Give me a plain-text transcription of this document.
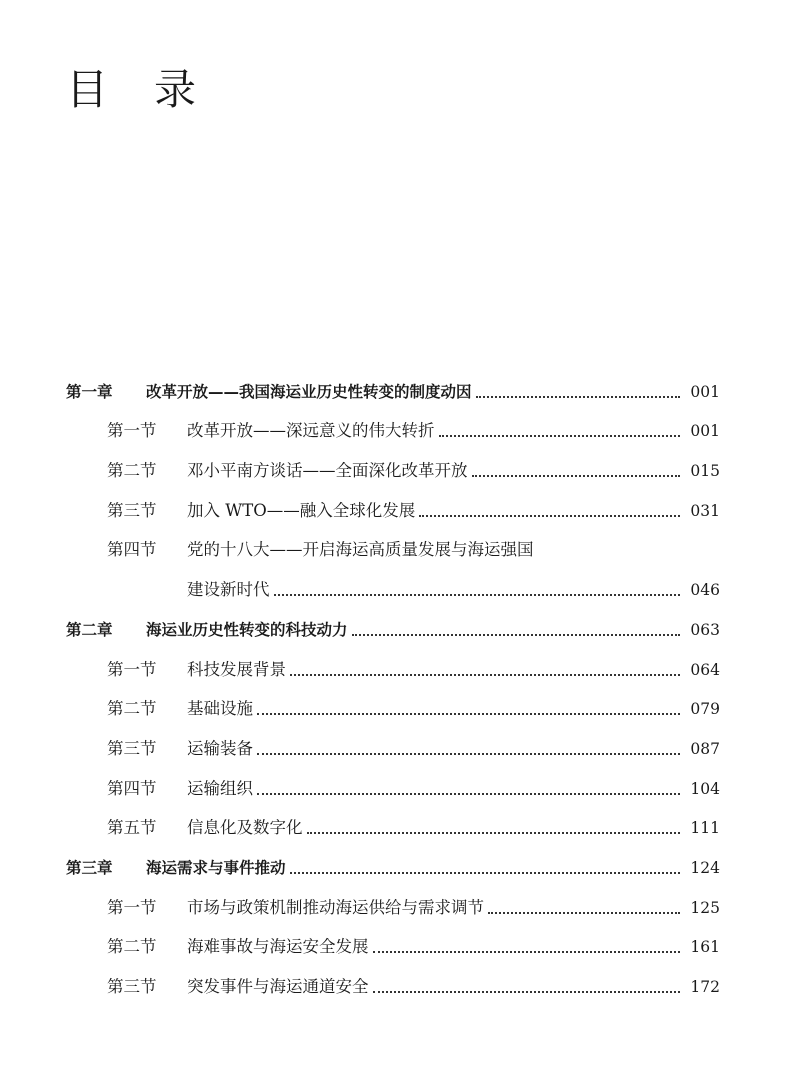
目 录
第一章	改革开放——我国海运业历史性转变的制度动因	001
第一节	改革开放——深远意义的伟大转折	001
第二节	邓小平南方谈话——全面深化改革开放	015
第三节	加入 WTO——融入全球化发展	031
第四节	党的十八大——开启海运高质量发展与海运强国
建设新时代	046
第二章	海运业历史性转变的科技动力	063
第一节	科技发展背景	064
第二节	基础设施	079
第三节	运输装备	087
第四节	运输组织	104
第五节	信息化及数字化	111
第三章	海运需求与事件推动	124
第一节	市场与政策机制推动海运供给与需求调节	125
第二节	海难事故与海运安全发展	161
第三节	突发事件与海运通道安全	172
